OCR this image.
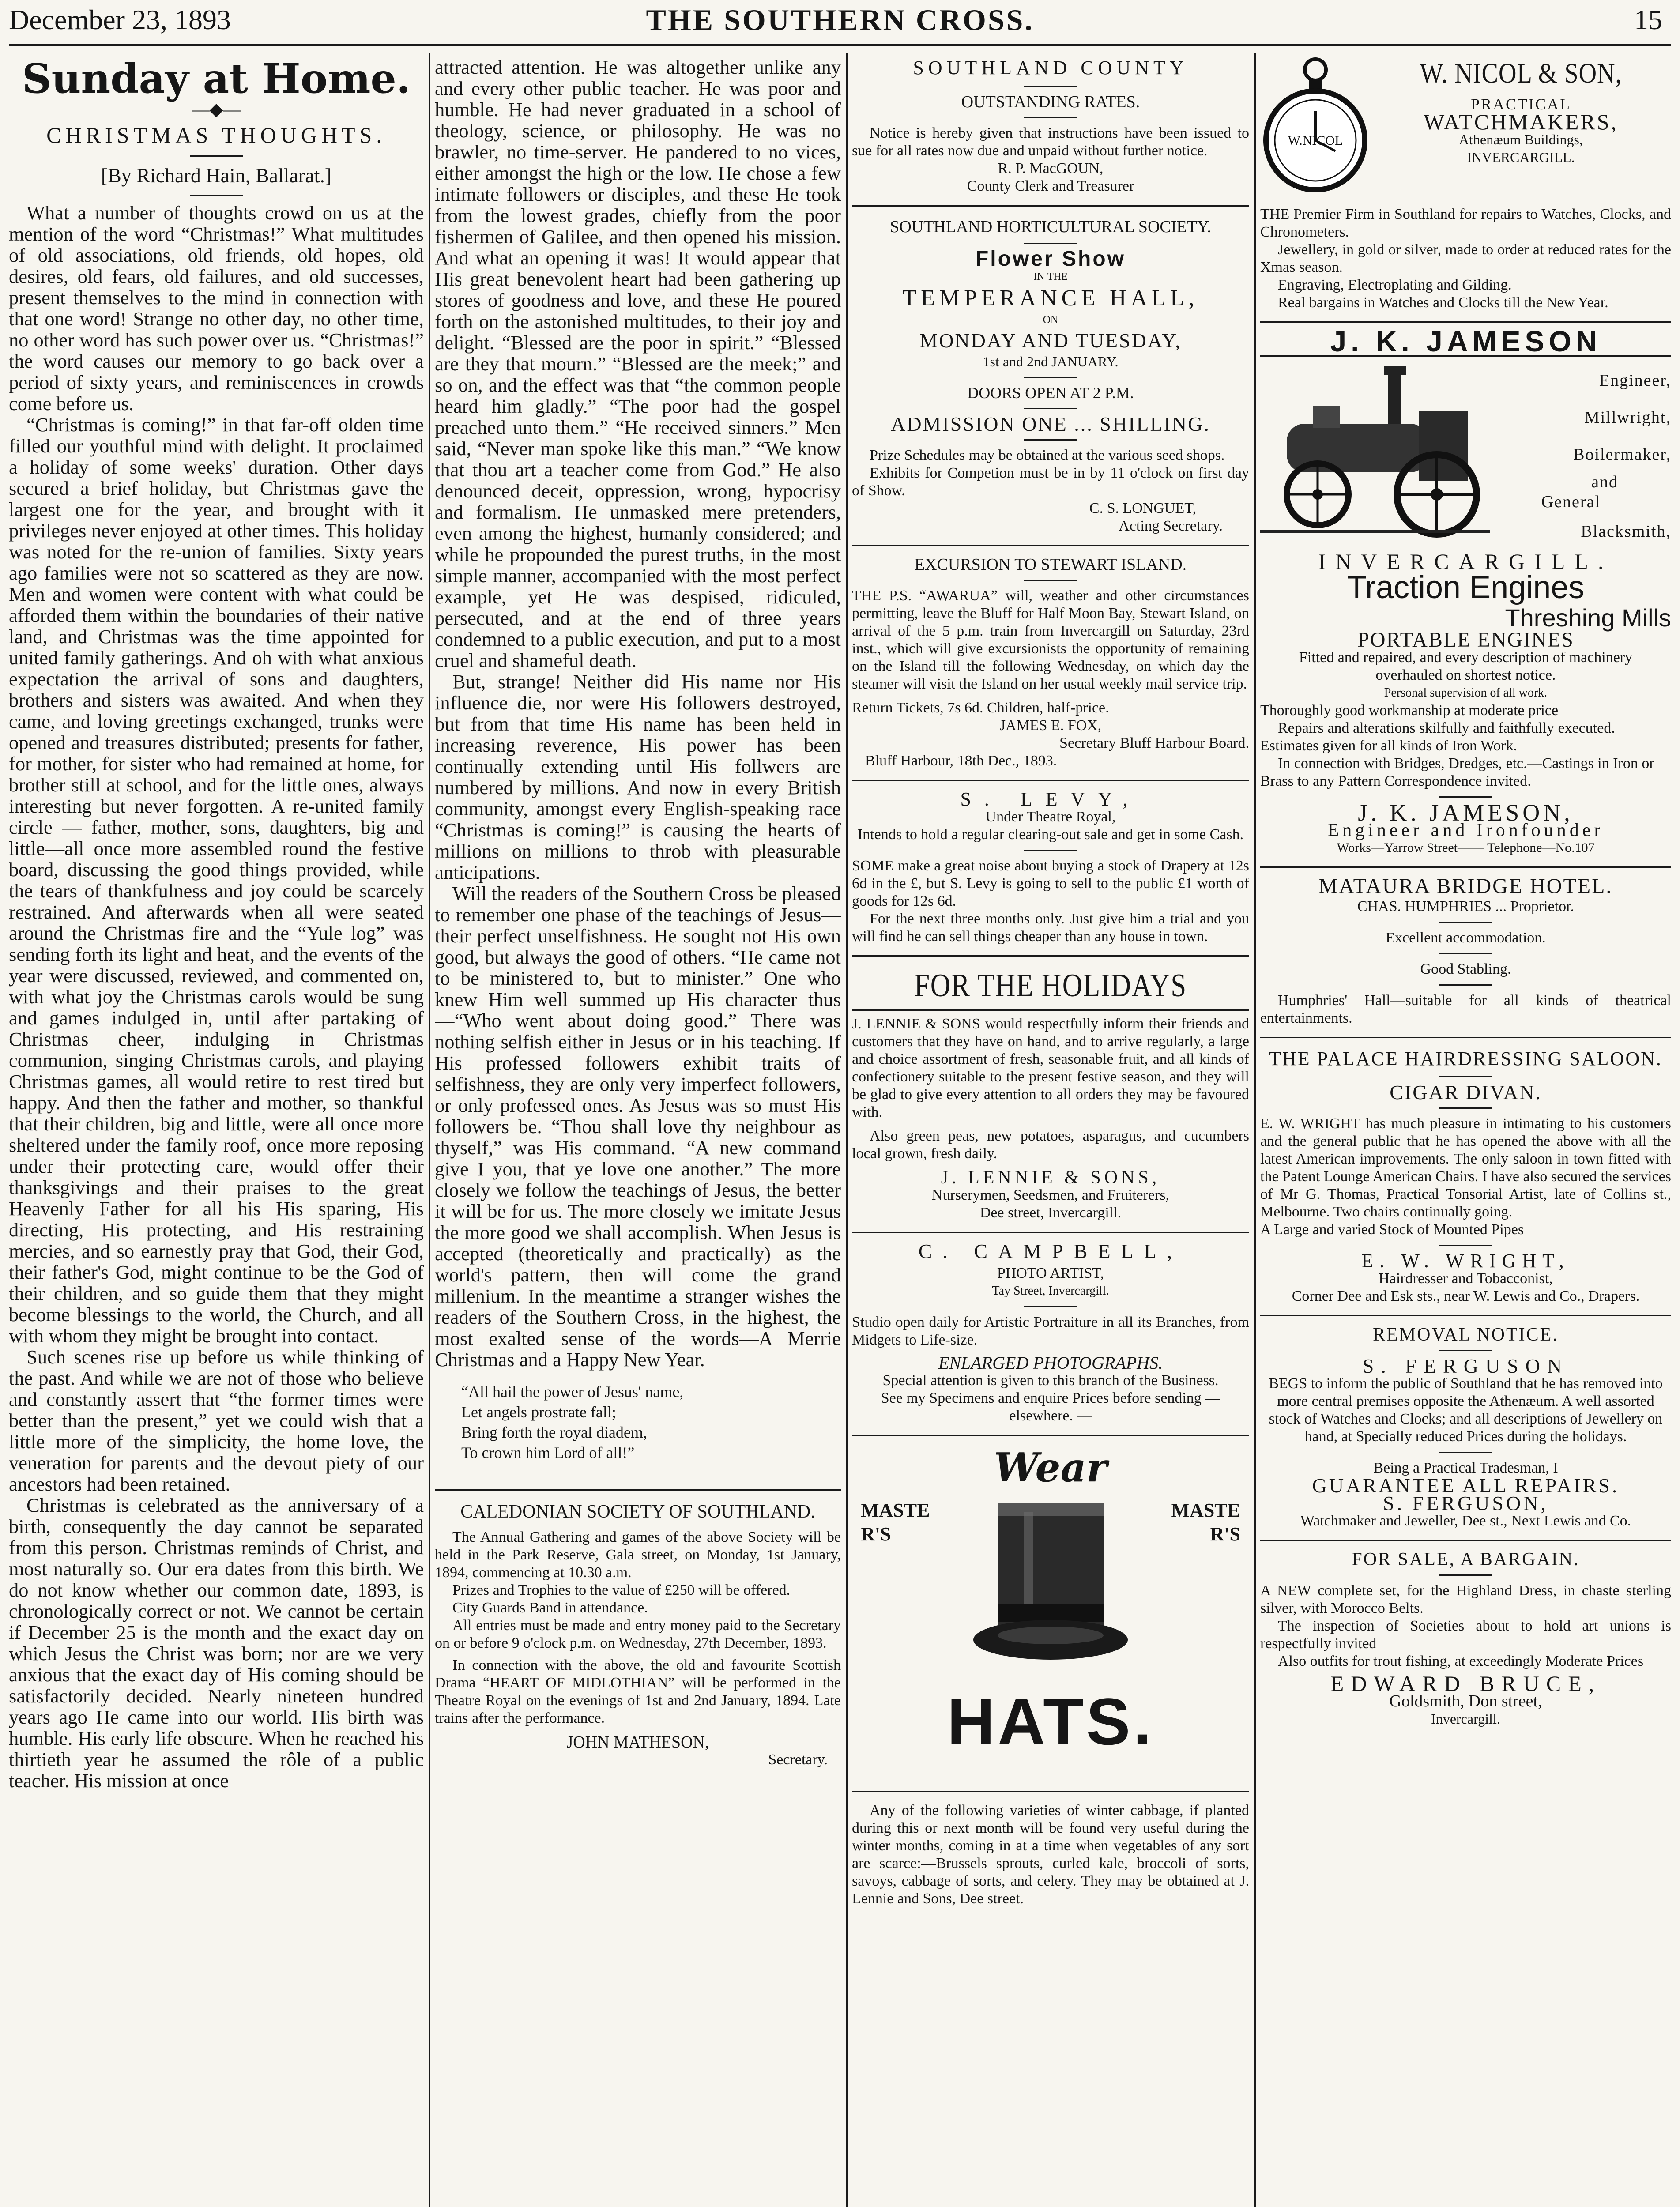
December 23, 1893	THE SOUTHERN CROSS.	15
Sunday at Home.
—◆—
CHRISTMAS THOUGHTS.
[By Richard Hain, Ballarat.]

What a number of thoughts crowd on us at the mention of the word “Christmas!” What multitudes of old associations, old friends, old hopes, old desires, old fears, old failures, and old successes, present themselves to the mind in connection with that one word! Strange no other day, no other time, no other word has such power over us. “Christmas!” the word causes our memory to go back over a period of sixty years, and reminiscences in crowds come before us.

“Christmas is coming!” in that far-off olden time filled our youthful mind with delight. It proclaimed a holiday of some weeks' duration. Other days secured a brief holiday, but Christmas gave the largest one for the year, and brought with it privileges never enjoyed at other times. This holiday was noted for the re-union of families. Sixty years ago families were not so scattered as they are now. Men and women were content with what could be afforded them within the boundaries of their native land, and Christmas was the time appointed for united family gatherings. And oh with what anxious expectation the arrival of sons and daughters, brothers and sisters was awaited. And when they came, and loving greetings exchanged, trunks were opened and treasures distributed; presents for father, for mother, for sister who had remained at home, for brother still at school, and for the little ones, always interesting but never forgotten. A re-united family circle — father, mother, sons, daughters, big and little—all once more assembled round the festive board, discussing the good things provided, while the tears of thankfulness and joy could be scarcely restrained. And afterwards when all were seated around the Christmas fire and the “Yule log” was sending forth its light and heat, and the events of the year were discussed, reviewed, and commented on, with what joy the Christmas carols would be sung and games indulged in, until after partaking of Christmas cheer, indulging in Christmas communion, singing Christmas carols, and playing Christmas games, all would retire to rest tired but happy. And then the father and mother, so thankful that their children, big and little, were all once more sheltered under the family roof, once more reposing under their protecting care, would offer their thanksgivings and their praises to the great Heavenly Father for all his His sparing, His directing, His protecting, and His restraining mercies, and so earnestly pray that God, their God, their father's God, might continue to be the God of their children, and so guide them that they might become blessings to the world, the Church, and all with whom they might be brought into contact.

Such scenes rise up before us while thinking of the past. And while we are not of those who believe and constantly assert that “the former times were better than the present,” yet we could wish that a little more of the simplicity, the home love, the veneration for parents and the devout piety of our ancestors had been retained.

Christmas is celebrated as the anniversary of a birth, consequently the day cannot be separated from this person. Christmas reminds of Christ, and most naturally so. Our era dates from this birth. We do not know whether our common date, 1893, is chronologically correct or not. We cannot be certain if December 25 is the month and the exact day on which Jesus the Christ was born; nor are we very anxious that the exact day of His coming should be satisfactorily decided. Nearly nineteen hundred years ago He came into our world. His birth was humble. His early life obscure. When he reached his thirtieth year he assumed the rôle of a public teacher. His mission at once

attracted attention. He was altogether unlike any and every other public teacher. He was poor and humble. He had never graduated in a school of theology, science, or philosophy. He was no brawler, no time-server. He pandered to no vices, either amongst the high or the low. He chose a few intimate followers or disciples, and these He took from the lowest grades, chiefly from the poor fishermen of Galilee, and then opened his mission. And what an opening it was! It would appear that His great benevolent heart had been gathering up stores of goodness and love, and these He poured forth on the astonished multitudes, to their joy and delight. “Blessed are the poor in spirit.” “Blessed are they that mourn.” “Blessed are the meek;” and so on, and the effect was that “the common people heard him gladly.” “The poor had the gospel preached unto them.” “He received sinners.” Men said, “Never man spoke like this man.” “We know that thou art a teacher come from God.” He also denounced deceit, oppression, wrong, hypocrisy and formalism. He unmasked mere pretenders, even among the highest, humanly considered; and while he propounded the purest truths, in the most simple manner, accompanied with the most perfect example, yet He was despised, ridiculed, persecuted, and at the end of three years condemned to a public execution, and put to a most cruel and shameful death.

But, strange! Neither did His name nor His influence die, nor were His followers destroyed, but from that time His name has been held in increasing reverence, His power has been continually extending until His follwers are numbered by millions. And now in every British community, amongst every English-speaking race “Christmas is coming!” is causing the hearts of millions on millions to throb with pleasurable anticipations.

Will the readers of the Southern Cross be pleased to remember one phase of the teachings of Jesus—their perfect unselfishness. He sought not His own good, but always the good of others. “He came not to be ministered to, but to minister.” One who knew Him well summed up His character thus—“Who went about doing good.” There was nothing selfish either in Jesus or in his teaching. If His professed followers exhibit traits of selfishness, they are only very imperfect followers, or only professed ones. As Jesus was so must His followers be. “Thou shall love thy neighbour as thyself,” was His command. “A new command give I you, that ye love one another.” The more closely we follow the teachings of Jesus, the better it will be for us. The more closely we imitate Jesus the more good we shall accomplish. When Jesus is accepted (theoretically and practically) as the world's pattern, then will come the grand millenium. In the meantime a stranger wishes the readers of the Southern Cross, in the highest, the most exalted sense of the words—A Merrie Christmas and a Happy New Year.

“All hail the power of Jesus' name,
Let angels prostrate fall;
Bring forth the royal diadem,
To crown him Lord of all!”
CALEDONIAN SOCIETY OF SOUTHLAND.

The Annual Gathering and games of the above Society will be held in the Park Reserve, Gala street, on Monday, 1st January, 1894, commencing at 10.30 a.m.

Prizes and Trophies to the value of £250 will be offered.

City Guards Band in attendance.

All entries must be made and entry money paid to the Secretary on or before 9 o'clock p.m. on Wednesday, 27th December, 1893.

In connection with the above, the old and favourite Scottish Drama “HEART OF MIDLOTHIAN” will be performed in the Theatre Royal on the evenings of 1st and 2nd January, 1894. Late trains after the performance.

JOHN MATHESON,
Secretary.
SOUTHLAND COUNTY
OUTSTANDING RATES.

Notice is hereby given that instructions have been issued to sue for all rates now due and unpaid without further notice.

R. P. MacGOUN,
County Clerk and Treasurer
SOUTHLAND HORTICULTURAL SOCIETY.
Flower Show
IN THE
TEMPERANCE HALL,
ON
MONDAY AND TUESDAY,
1st and 2nd JANUARY.
DOORS OPEN AT 2 P.M.
ADMISSION ONE ... SHILLING.

Prize Schedules may be obtained at the various seed shops.

Exhibits for Competion must be in by 11 o'clock on first day of Show.

C. S. LONGUET,
Acting Secretary.
EXCURSION TO STEWART ISLAND.

THE P.S. “AWARUA” will, weather and other circumstances permitting, leave the Bluff for Half Moon Bay, Stewart Island, on arrival of the 5 p.m. train from Invercargill on Saturday, 23rd inst., which will give excursionists the opportunity of remaining on the Island till the following Wednesday, on which day the steamer will visit the Island on her usual weekly mail service trip.

Return Tickets, 7s 6d. Children, half-price.

JAMES E. FOX,
Secretary Bluff Harbour Board.
Bluff Harbour, 18th Dec., 1893.
S. LEVY,
Under Theatre Royal,

Intends to hold a regular clearing-out sale and get in some Cash.

SOME make a great noise about buying a stock of Drapery at 12s 6d in the £, but S. Levy is going to sell to the public £1 worth of goods for 12s 6d.

For the next three months only. Just give him a trial and you will find he can sell things cheaper than any house in town.

FOR THE HOLIDAYS

J. LENNIE & SONS would respectfully inform their friends and customers that they have on hand, and to arrive regularly, a large and choice assortment of fresh, seasonable fruit, and all kinds of confectionery suitable to the present festive season, and they will be glad to give every attention to all orders they may be favoured with.

Also green peas, new potatoes, asparagus, and cucumbers local grown, fresh daily.

J. LENNIE & SONS,
Nurserymen, Seedsmen, and Fruiterers,
Dee street, Invercargill.
C. CAMPBELL,
PHOTO ARTIST,
Tay Street, Invercargill.

Studio open daily for Artistic Portraiture in all its Branches, from Midgets to Life-size.

ENLARGED PHOTOGRAPHS.

Special attention is given to this branch of the Business. See my Specimens and enquire Prices before sending — elsewhere. —

Wear
MASTER'S
MASTER'S
HATS.

Any of the following varieties of winter cabbage, if planted during this or next month will be found very useful during the winter months, coming in at a time when vegetables of any sort are scarce:—Brussels sprouts, curled kale, broccoli of sorts, savoys, cabbage of sorts, and celery. They may be obtained at J. Lennie and Sons, Dee street.

W.NICOL
W. NICOL & SON,
PRACTICAL
WATCHMAKERS,
Athenæum Buildings,
INVERCARGILL.

THE Premier Firm in Southland for repairs to Watches, Clocks, and Chronometers.

Jewellery, in gold or silver, made to order at reduced rates for the Xmas season.

Engraving, Electroplating and Gilding.

Real bargains in Watches and Clocks till the New Year.

J. K. JAMESON
Engineer,
Millwright,
Boilermaker,
and
General
Blacksmith,
INVERCARGILL.
Traction Engines
Threshing Mills
PORTABLE ENGINES

Fitted and repaired, and every description of machinery overhauled on shortest notice.

Personal supervision of all work.

Thoroughly good workmanship at moderate price

Repairs and alterations skilfully and faithfully executed. Estimates given for all kinds of Iron Work.

In connection with Bridges, Dredges, etc.—Castings in Iron or Brass to any Pattern Correspondence invited.

J. K. JAMESON,
Engineer and Ironfounder
Works—Yarrow Street—— Telephone—No.107
MATAURA BRIDGE HOTEL.
CHAS. HUMPHRIES ... Proprietor.
Excellent accommodation.
Good Stabling.

Humphries' Hall—suitable for all kinds of theatrical entertainments.

THE PALACE HAIRDRESSING SALOON.
CIGAR DIVAN.

E. W. WRIGHT has much pleasure in intimating to his customers and the general public that he has opened the above with all the latest American improvements. The only saloon in town fitted with the Patent Lounge American Chairs. I have also secured the services of Mr G. Thomas, Practical Tonsorial Artist, late of Collins st., Melbourne. Two chairs continually going.

A Large and varied Stock of Mounted Pipes

E. W. WRIGHT,
Hairdresser and Tobacconist,
Corner Dee and Esk sts., near W. Lewis and Co., Drapers.
REMOVAL NOTICE.
S. FERGUSON

BEGS to inform the public of Southland that he has removed into more central premises opposite the Athenæum. A well assorted stock of Watches and Clocks; and all descriptions of Jewellery on hand, at Specially reduced Prices during the holidays.

Being a Practical Tradesman, I
GUARANTEE ALL REPAIRS.
S. FERGUSON,
Watchmaker and Jeweller, Dee st., Next Lewis and Co.
FOR SALE, A BARGAIN.

A NEW complete set, for the Highland Dress, in chaste sterling silver, with Morocco Belts.

The inspection of Societies about to hold art unions is respectfully invited

Also outfits for trout fishing, at exceedingly Moderate Prices

EDWARD BRUCE,
Goldsmith, Don street,
Invercargill.
